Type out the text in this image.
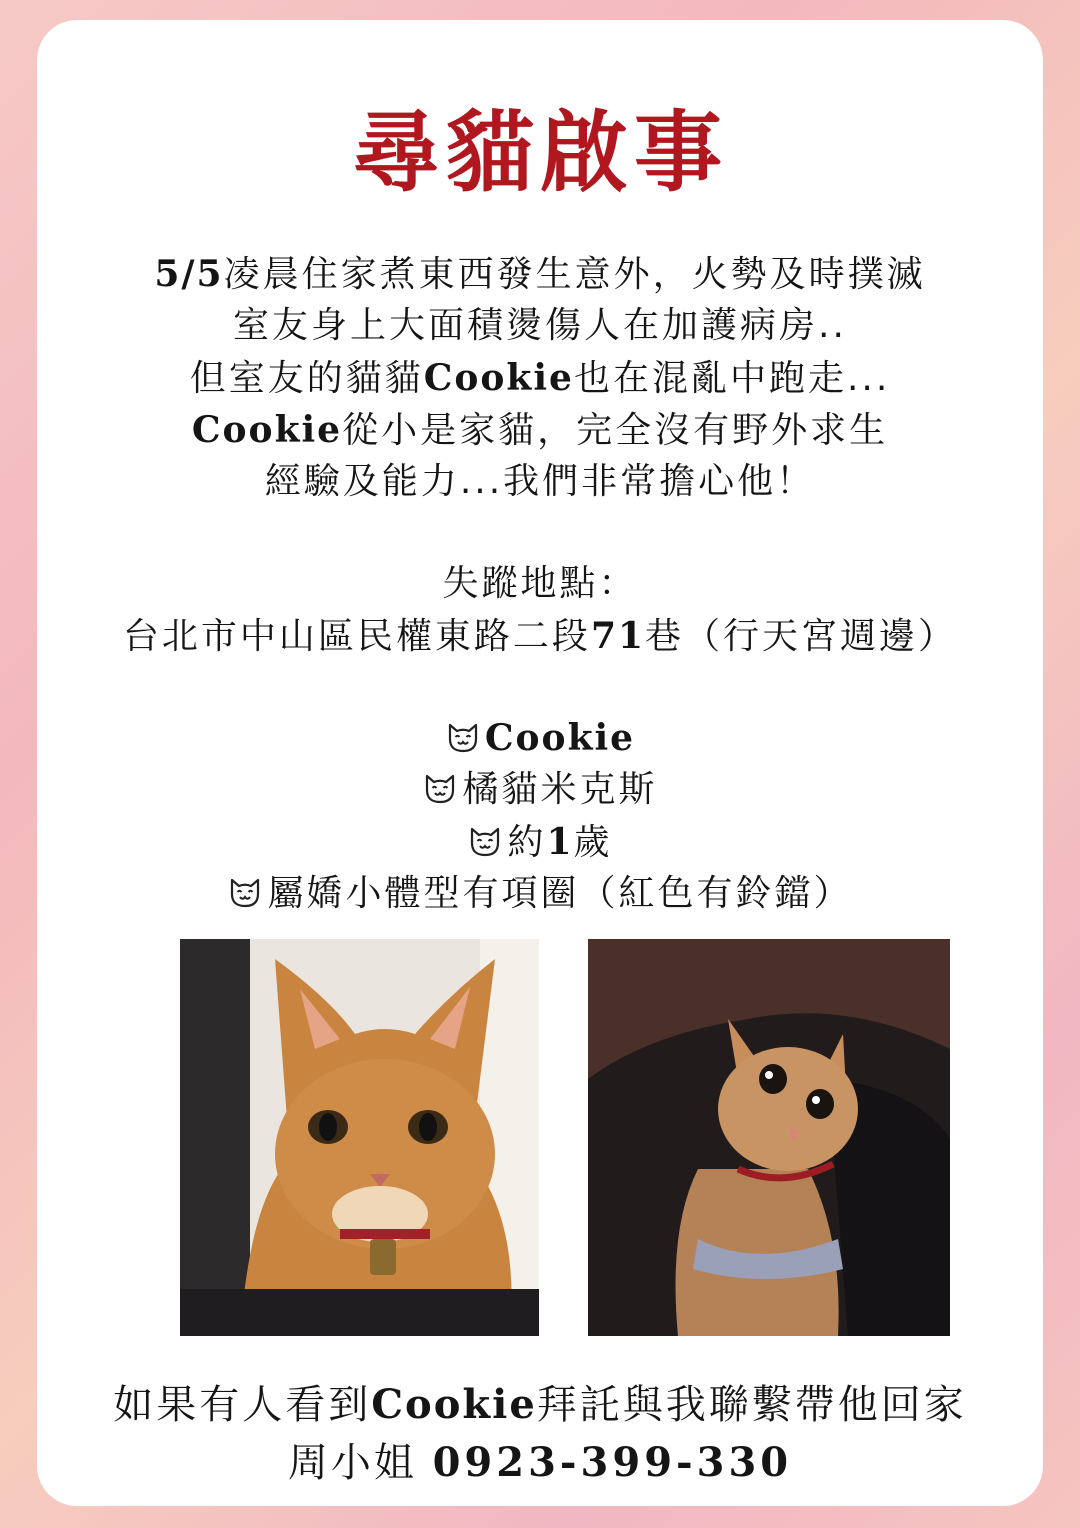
尋貓啟事
5/5凌晨住家煮東西發生意外，火勢及時撲滅
室友身上大面積燙傷人在加護病房..
但室友的貓貓Cookie也在混亂中跑走...
Cookie從小是家貓，完全沒有野外求生
經驗及能力...我們非常擔心他！
失蹤地點：
台北市中山區民權東路二段71巷（行天宮週邊）
Cookie
橘貓米克斯
約1歲
屬嬌小體型有項圈（紅色有鈴鐺）
如果有人看到Cookie拜託與我聯繫帶他回家
周小姐 0923-399-330
